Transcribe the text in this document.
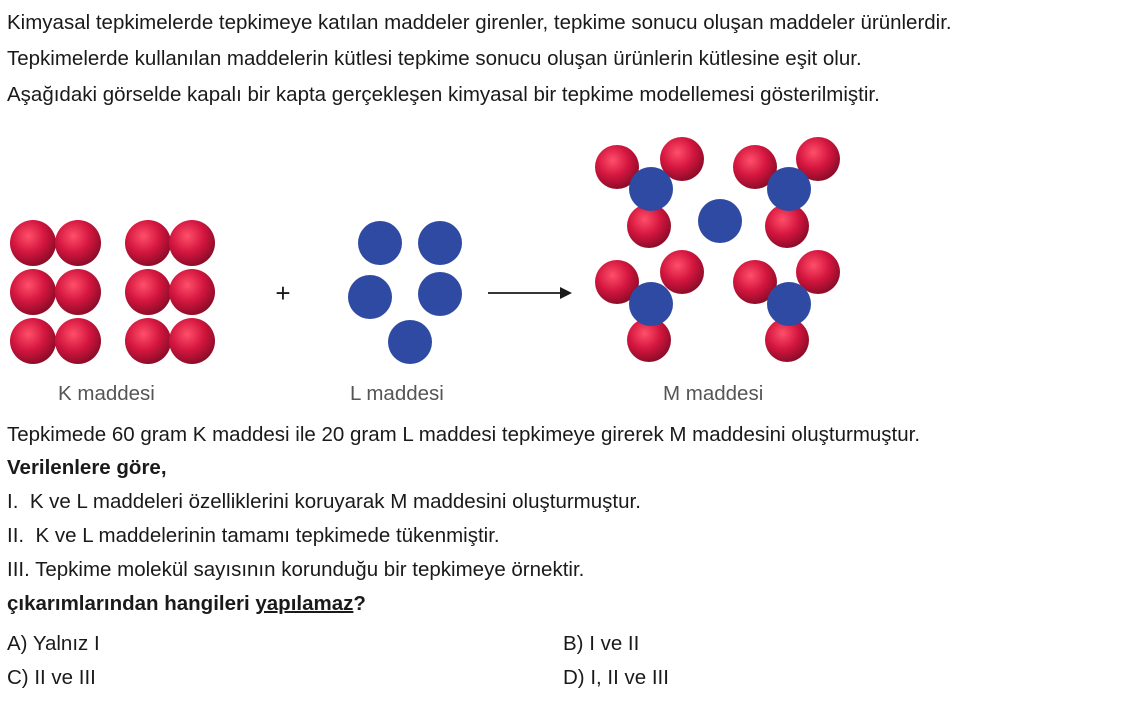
Kimyasal tepkimelerde tepkimeye katılan maddeler girenler, tepkime sonucu oluşan maddeler ürünlerdir.
Tepkimelerde kullanılan maddelerin kütlesi tepkime sonucu oluşan ürünlerin kütlesine eşit olur.
Aşağıdaki görselde kapalı bir kapta gerçekleşen kimyasal bir tepkime modellemesi gösterilmiştir.
+
K maddesi	L maddesi	M maddesi
Tepkimede 60 gram K maddesi ile 20 gram L maddesi tepkimeye girerek M maddesini oluşturmuştur.
Verilenlere göre,
I. K ve L maddeleri özelliklerini koruyarak M maddesini oluşturmuştur.
II. K ve L maddelerinin tamamı tepkimede tükenmiştir.
III. Tepkime molekül sayısının korunduğu bir tepkimeye örnektir.
çıkarımlarından hangileri yapılamaz?
A) Yalnız I	B) I ve II
C) II ve III	D) I, II ve III
